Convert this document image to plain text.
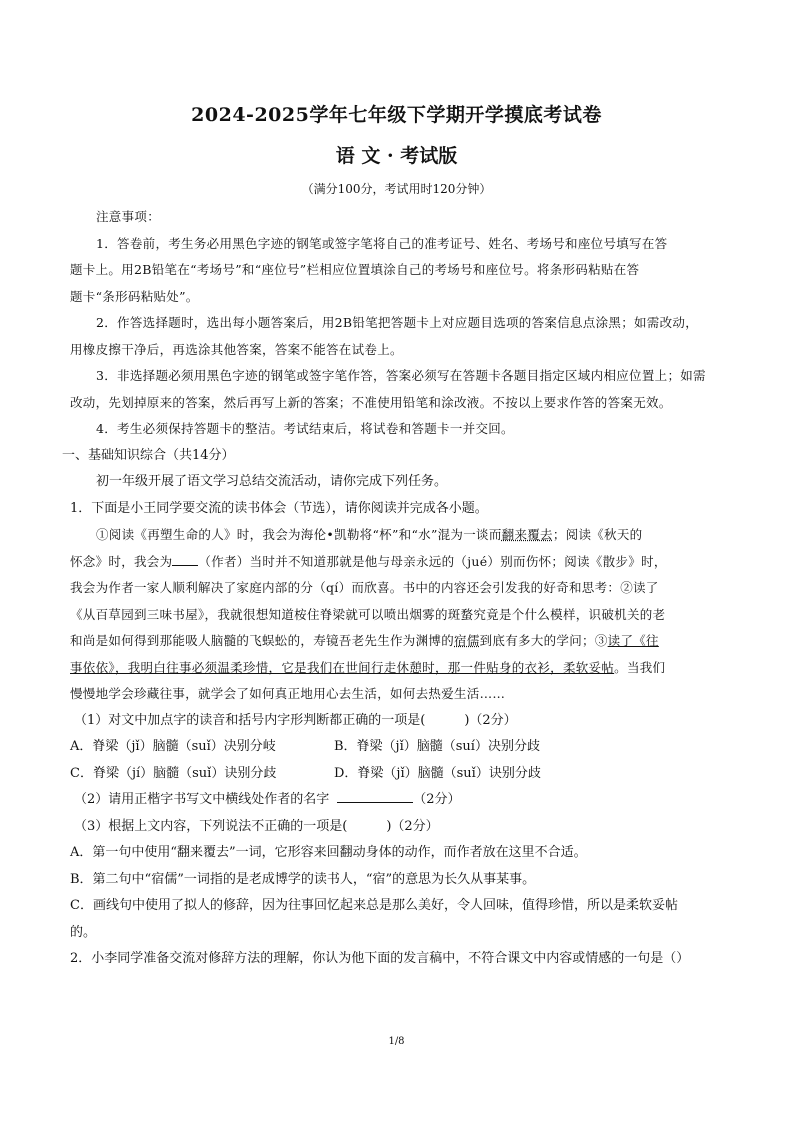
2024-2025学年七年级下学期开学摸底考试卷
语 文 · 考试版
（满分100分，考试用时120分钟）
注意事项：
1．答卷前，考生务必用黑色字迹的钢笔或签字笔将自己的准考证号、姓名、考场号和座位号填写在答
题卡上。用2B铅笔在“考场号”和“座位号”栏相应位置填涂自己的考场号和座位号。将条形码粘贴在答
题卡“条形码粘贴处”。
2．作答选择题时，选出每小题答案后，用2B铅笔把答题卡上对应题目选项的答案信息点涂黑；如需改动，
用橡皮擦干净后，再选涂其他答案，答案不能答在试卷上。
3．非选择题必须用黑色字迹的钢笔或签字笔作答，答案必须写在答题卡各题目指定区域内相应位置上；如需
改动，先划掉原来的答案，然后再写上新的答案；不准使用铅笔和涂改液。不按以上要求作答的答案无效。
4．考生必须保持答题卡的整洁。考试结束后，将试卷和答题卡一并交回。
一、基础知识综合（共14分）
初一年级开展了语文学习总结交流活动，请你完成下列任务。
1．下面是小王同学要交流的读书体会（节选），请你阅读并完成各小题。
①阅读《再塑生命的人》时，我会为海伦•凯勒将“杯”和“水”混为一谈而翻来覆去；阅读《秋天的
怀念》时，我会为 （作者）当时并不知道那就是他与母亲永远的（jué）别而伤怀；阅读《散步》时，
我会为作者一家人顺利解决了家庭内部的分（qí）而欣喜。书中的内容还会引发我的好奇和思考：②读了
《从百草园到三味书屋》，我就很想知道桉住脊梁就可以喷出烟雾的斑蝥究竟是个什么模样，识破机关的老
和尚是如何得到那能吸人脑髓的飞蜈蚣的，寿镜吾老先生作为渊博的宿儒到底有多大的学问；③读了《往
事依依》，我明白往事必须温柔珍惜，它是我们在世间行走休憩时，那一件贴身的衣衫，柔软妥帖。当我们
慢慢地学会珍藏往事，就学会了如何真正地用心去生活，如何去热爱生活……
（1）对文中加点字的读音和括号内字形判断都正确的一项是(　　　)（2分）
A．脊梁（jǐ）脑髓（suǐ）决别分岐	B．脊梁（jǐ）脑髓（suí）决别分歧
C．脊梁（jí）脑髓（suǐ）诀别分歧	D．脊梁（jǐ）脑髓（suǐ）诀别分歧
（2）请用正楷字书写文中横线处作者的名字	（2分）
（3）根据上文内容，下列说法不正确的一项是(　　　)（2分）
A．第一句中使用“翻来覆去”一词，它形容来回翻动身体的动作，而作者放在这里不合适。
B．第二句中“宿儒”一词指的是老成博学的读书人，“宿”的意思为长久从事某事。
C．画线句中使用了拟人的修辞，因为往事回忆起来总是那么美好，令人回味，值得珍惜，所以是柔软妥帖
的。
2．小李同学准备交流对修辞方法的理解，你认为他下面的发言稿中，不符合课文中内容或情感的一句是（）
1/8
